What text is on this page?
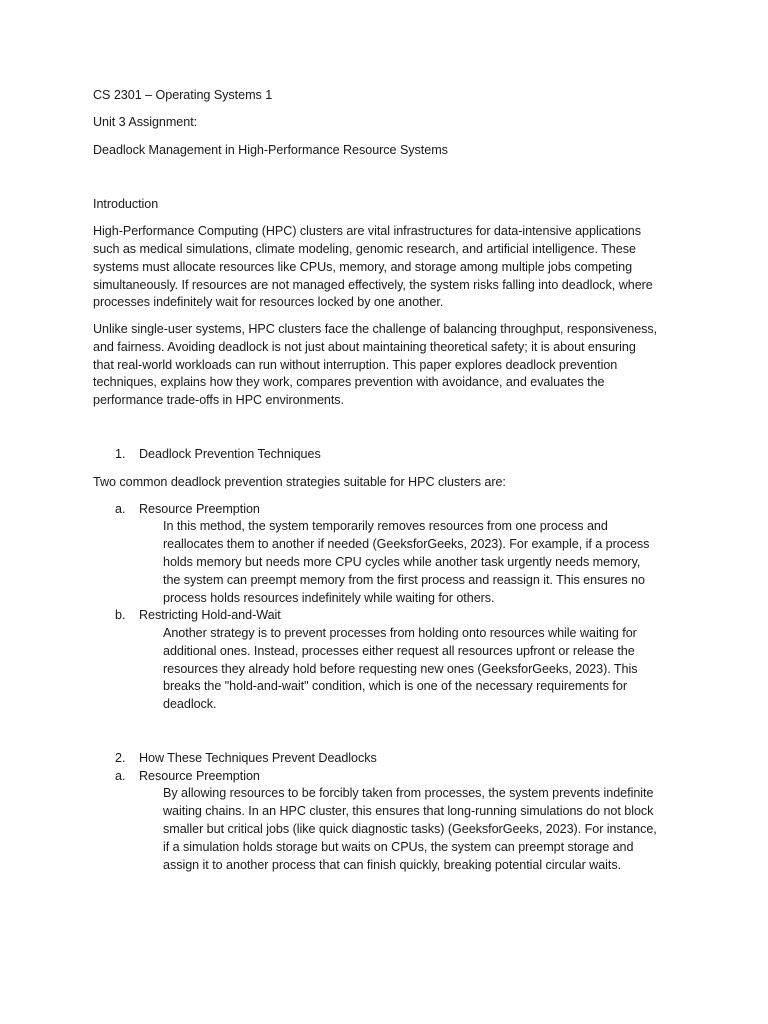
CS 2301 – Operating Systems 1
Unit 3 Assignment:
Deadlock Management in High-Performance Resource Systems
Introduction
High-Performance Computing (HPC) clusters are vital infrastructures for data-intensive applications
such as medical simulations, climate modeling, genomic research, and artificial intelligence. These
systems must allocate resources like CPUs, memory, and storage among multiple jobs competing
simultaneously. If resources are not managed effectively, the system risks falling into deadlock, where
processes indefinitely wait for resources locked by one another.
Unlike single-user systems, HPC clusters face the challenge of balancing throughput, responsiveness,
and fairness. Avoiding deadlock is not just about maintaining theoretical safety; it is about ensuring
that real-world workloads can run without interruption. This paper explores deadlock prevention
techniques, explains how they work, compares prevention with avoidance, and evaluates the
performance trade-offs in HPC environments.
1. Deadlock Prevention Techniques
Two common deadlock prevention strategies suitable for HPC clusters are:
a. Resource Preemption
In this method, the system temporarily removes resources from one process and
reallocates them to another if needed (GeeksforGeeks, 2023). For example, if a process
holds memory but needs more CPU cycles while another task urgently needs memory,
the system can preempt memory from the first process and reassign it. This ensures no
process holds resources indefinitely while waiting for others.
b. Restricting Hold-and-Wait
Another strategy is to prevent processes from holding onto resources while waiting for
additional ones. Instead, processes either request all resources upfront or release the
resources they already hold before requesting new ones (GeeksforGeeks, 2023). This
breaks the "hold-and-wait" condition, which is one of the necessary requirements for
deadlock.
2. How These Techniques Prevent Deadlocks
a. Resource Preemption
By allowing resources to be forcibly taken from processes, the system prevents indefinite
waiting chains. In an HPC cluster, this ensures that long-running simulations do not block
smaller but critical jobs (like quick diagnostic tasks) (GeeksforGeeks, 2023). For instance,
if a simulation holds storage but waits on CPUs, the system can preempt storage and
assign it to another process that can finish quickly, breaking potential circular waits.
